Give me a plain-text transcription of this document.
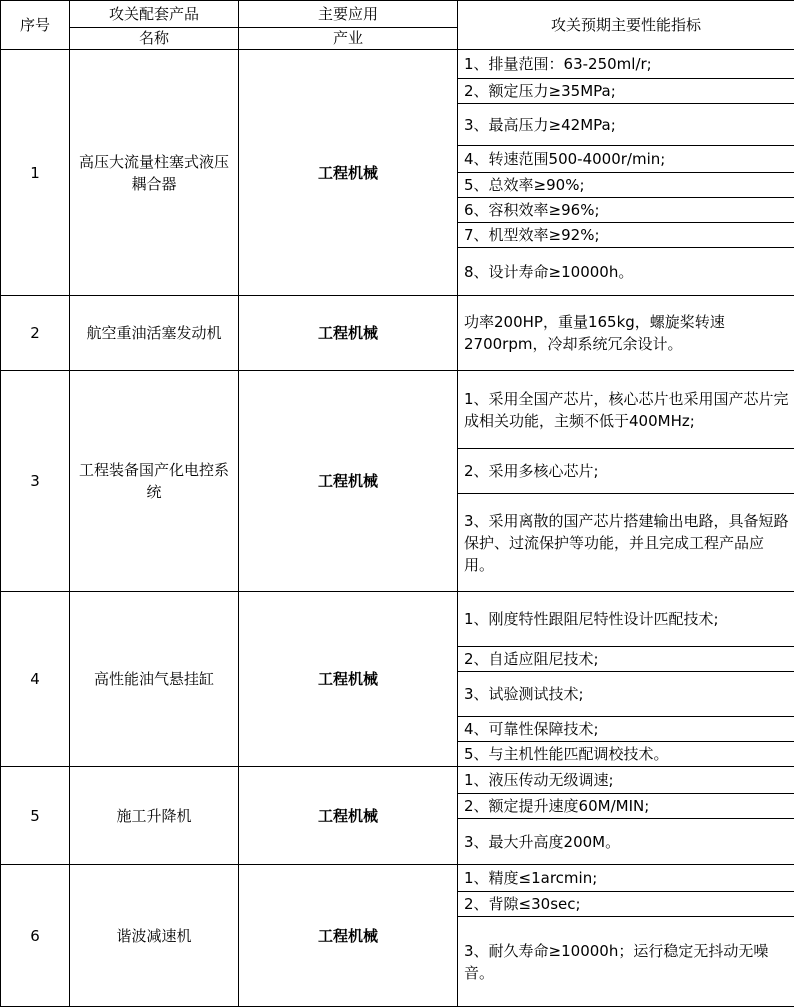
序号	攻关配套产品	主要应用	攻关预期主要性能指标
	名称	产业	
1	高压大流量柱塞式液压耦合器	工程机械	1、排量范围：63-250ml/r;
			2、额定压力≥35MPa;
			3、最高压力≥42MPa;
			4、转速范围500-4000r/min;
			5、总效率≥90%;
			6、容积效率≥96%;
			7、机型效率≥92%;
			8、设计寿命≥10000h。
2	航空重油活塞发动机	工程机械	功率200HP，重量165kg，螺旋桨转速2700rpm，冷却系统冗余设计。
3	工程装备国产化电控系统	工程机械	1、采用全国产芯片，核心芯片也采用国产芯片完成相关功能，主频不低于400MHz;
			2、采用多核心芯片;
			3、采用离散的国产芯片搭建输出电路，具备短路保护、过流保护等功能，并且完成工程产品应用。
4	高性能油气悬挂缸	工程机械	1、刚度特性跟阻尼特性设计匹配技术;
			2、自适应阻尼技术;
			3、试验测试技术;
			4、可靠性保障技术;
			5、与主机性能匹配调校技术。
5	施工升降机	工程机械	1、液压传动无级调速;
			2、额定提升速度60M/MIN;
			3、最大升高度200M。
6	谐波减速机	工程机械	1、精度≤1arcmin;
			2、背隙≤30sec;
			3、耐久寿命≥10000h；运行稳定无抖动无噪音。
